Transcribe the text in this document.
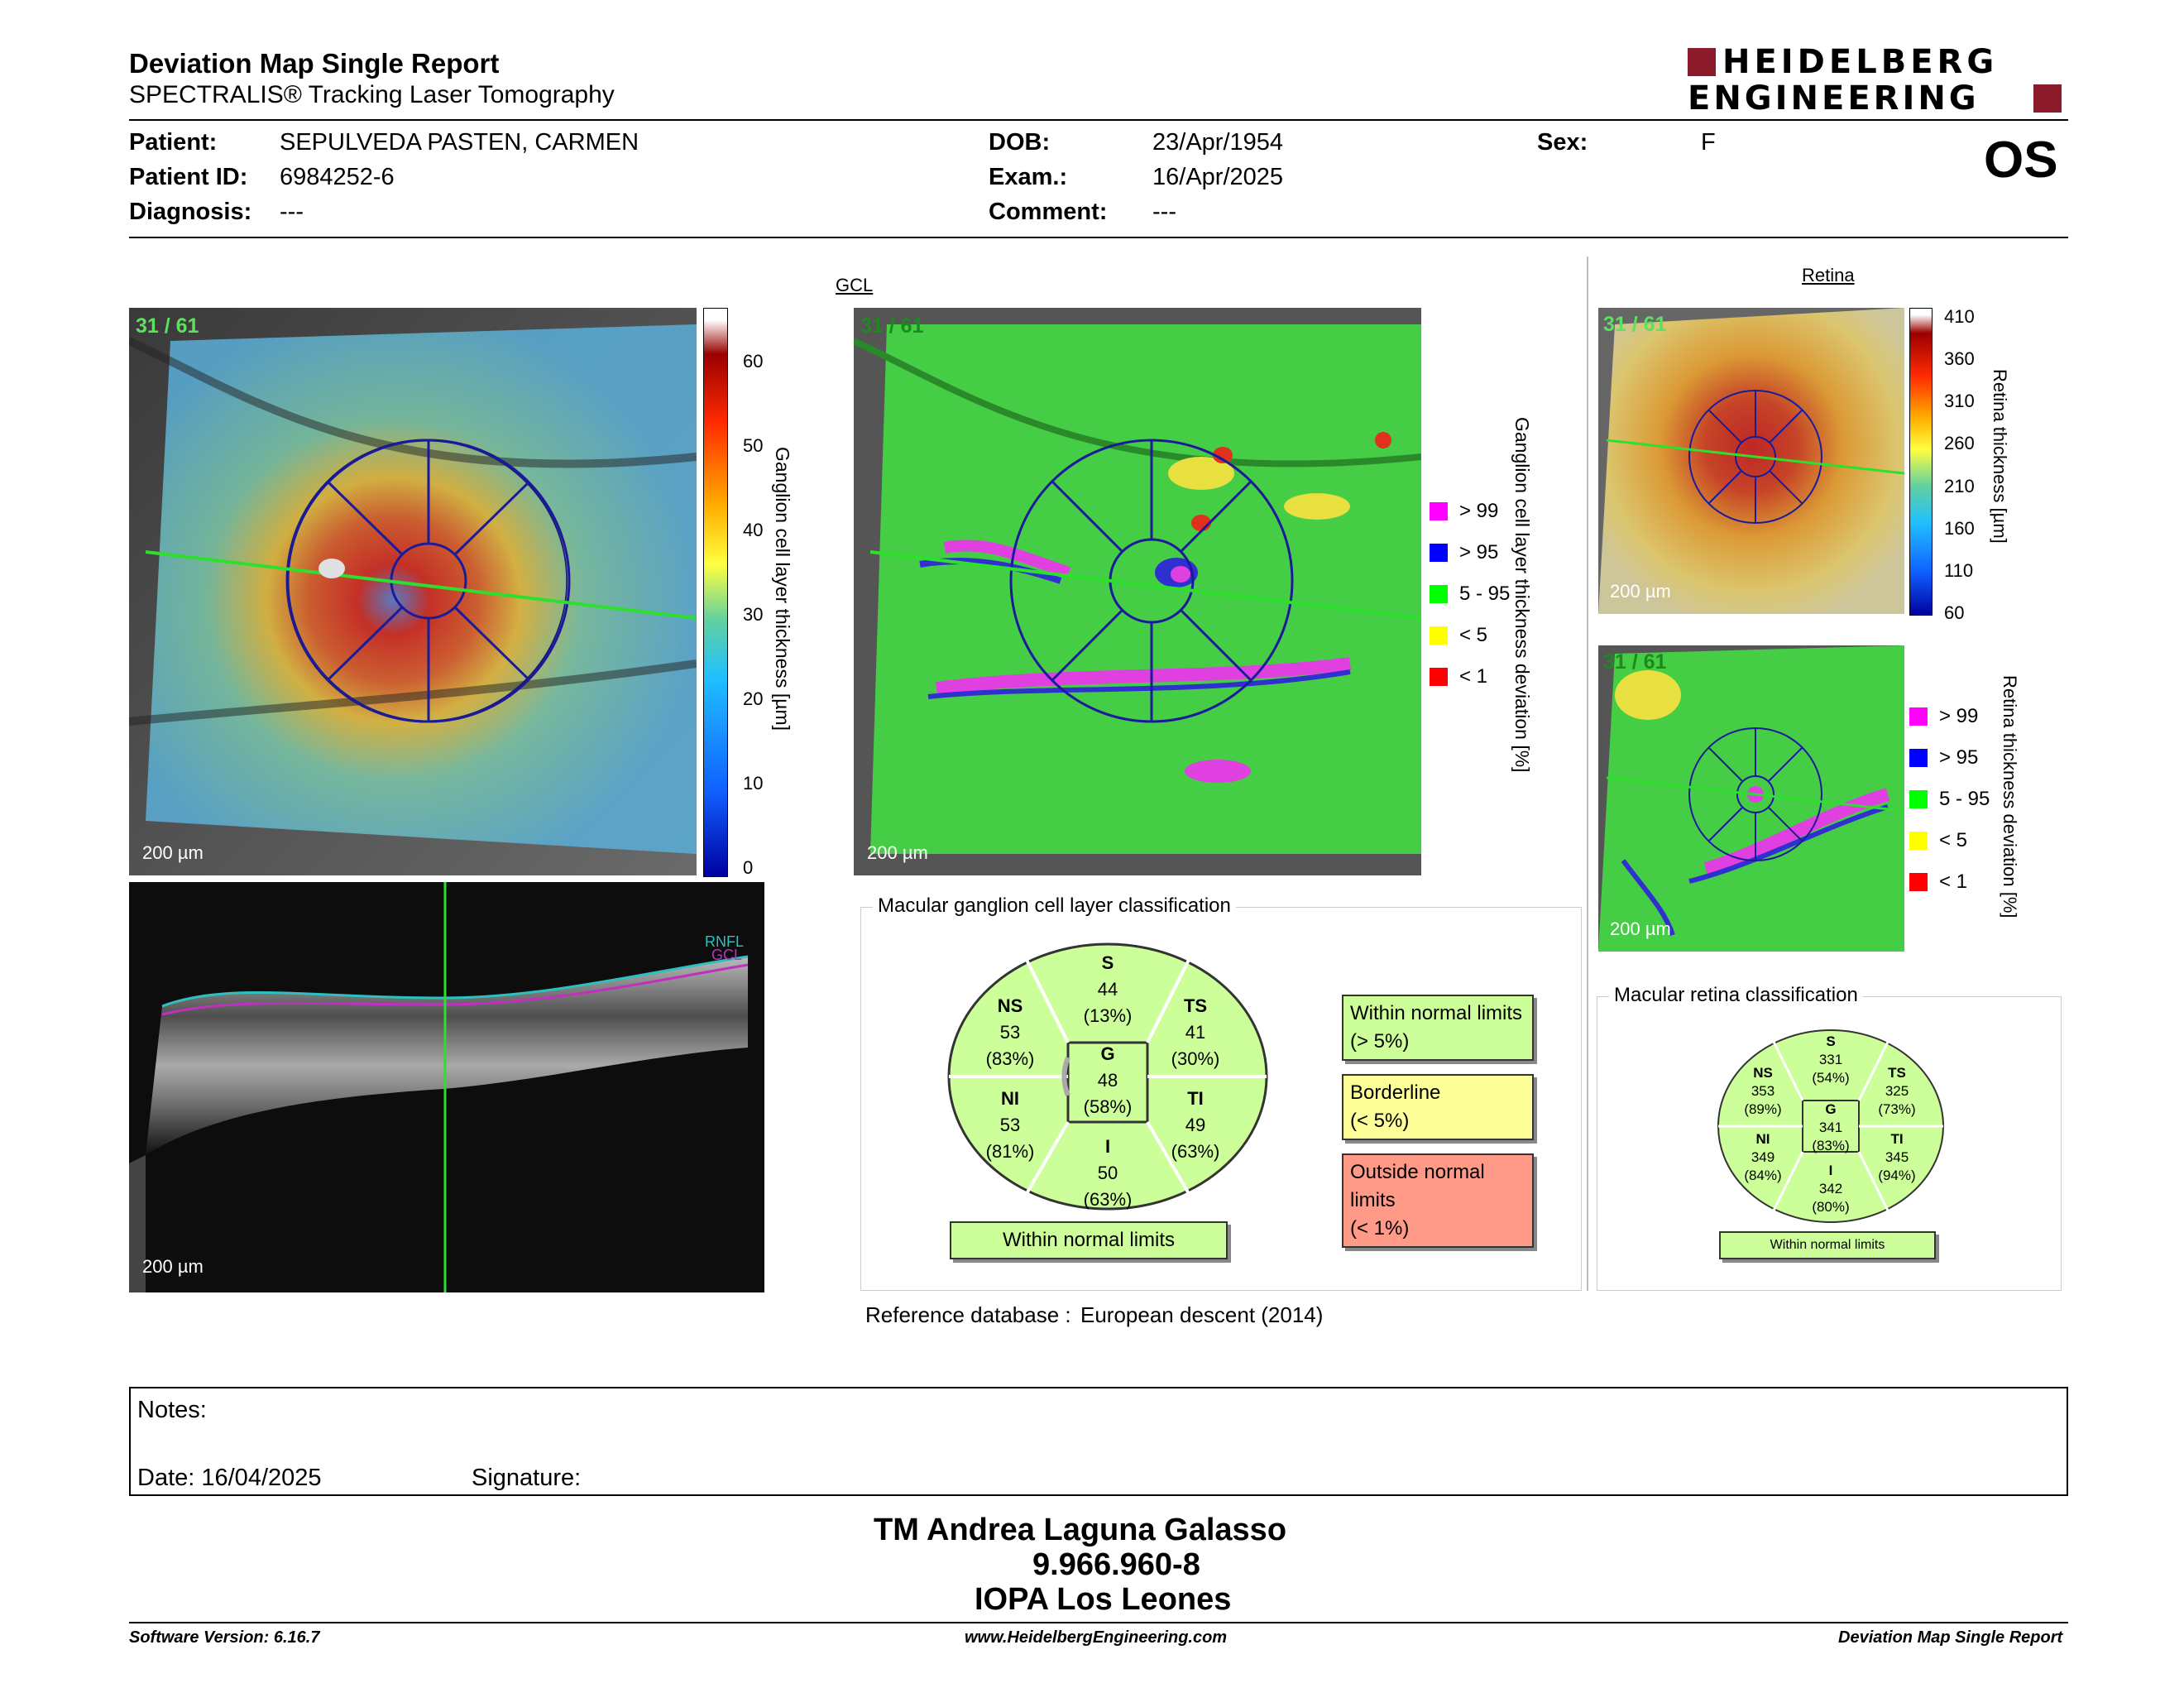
Deviation Map Single Report
SPECTRALIS® Tracking Laser Tomography
HEIDELBERG
ENGINEERING
Patient:	SEPULVEDA PASTEN, CARMEN
Patient ID: 6984252-6
Diagnosis: ---
DOB:	23/Apr/1954
Exam.:	16/Apr/2025
Comment: ---
Sex:	F	OS
31 / 61
200 µm
60
50
40
30
20
10
0
Ganglion cell layer thickness [µm]
RNFL
GCL
200 µm
GCL
31 / 61
200 µm
> 99
> 95
5 - 95
< 5
< 1 Ganglion cell layer thickness deviation [%]
Retina
31 / 61
200 µm
410
360
310
260
210
160
110
60
Retina thickness [µm]
31 / 61
200 µm
> 99
> 95
5 - 95
< 5
< 1 Retina thickness deviation [%]
Macular ganglion cell layer classification
S
44
(13%)
NS
53
(83%)
TS
41
(30%)
G
48
(58%)
NI
53
(81%)
TI
49
(63%)
I
50
(63%)
Within normal limits
Within normal limits
(> 5%)
Borderline
(< 5%)
Outside normal limits
(< 1%)
Reference database : European descent (2014)
Macular retina classification
S
331
(54%)
NS
353
(89%)
TS
325
(73%)
G
341
(83%)
NI
349
(84%)
TI
345
(94%)
I
342
(80%)
Within normal limits
Notes:
Date: 16/04/2025	Signature:
TM Andrea Laguna Galasso
9.966.960-8
IOPA Los Leones
Software Version: 6.16.7	www.HeidelbergEngineering.com	Deviation Map Single Report
